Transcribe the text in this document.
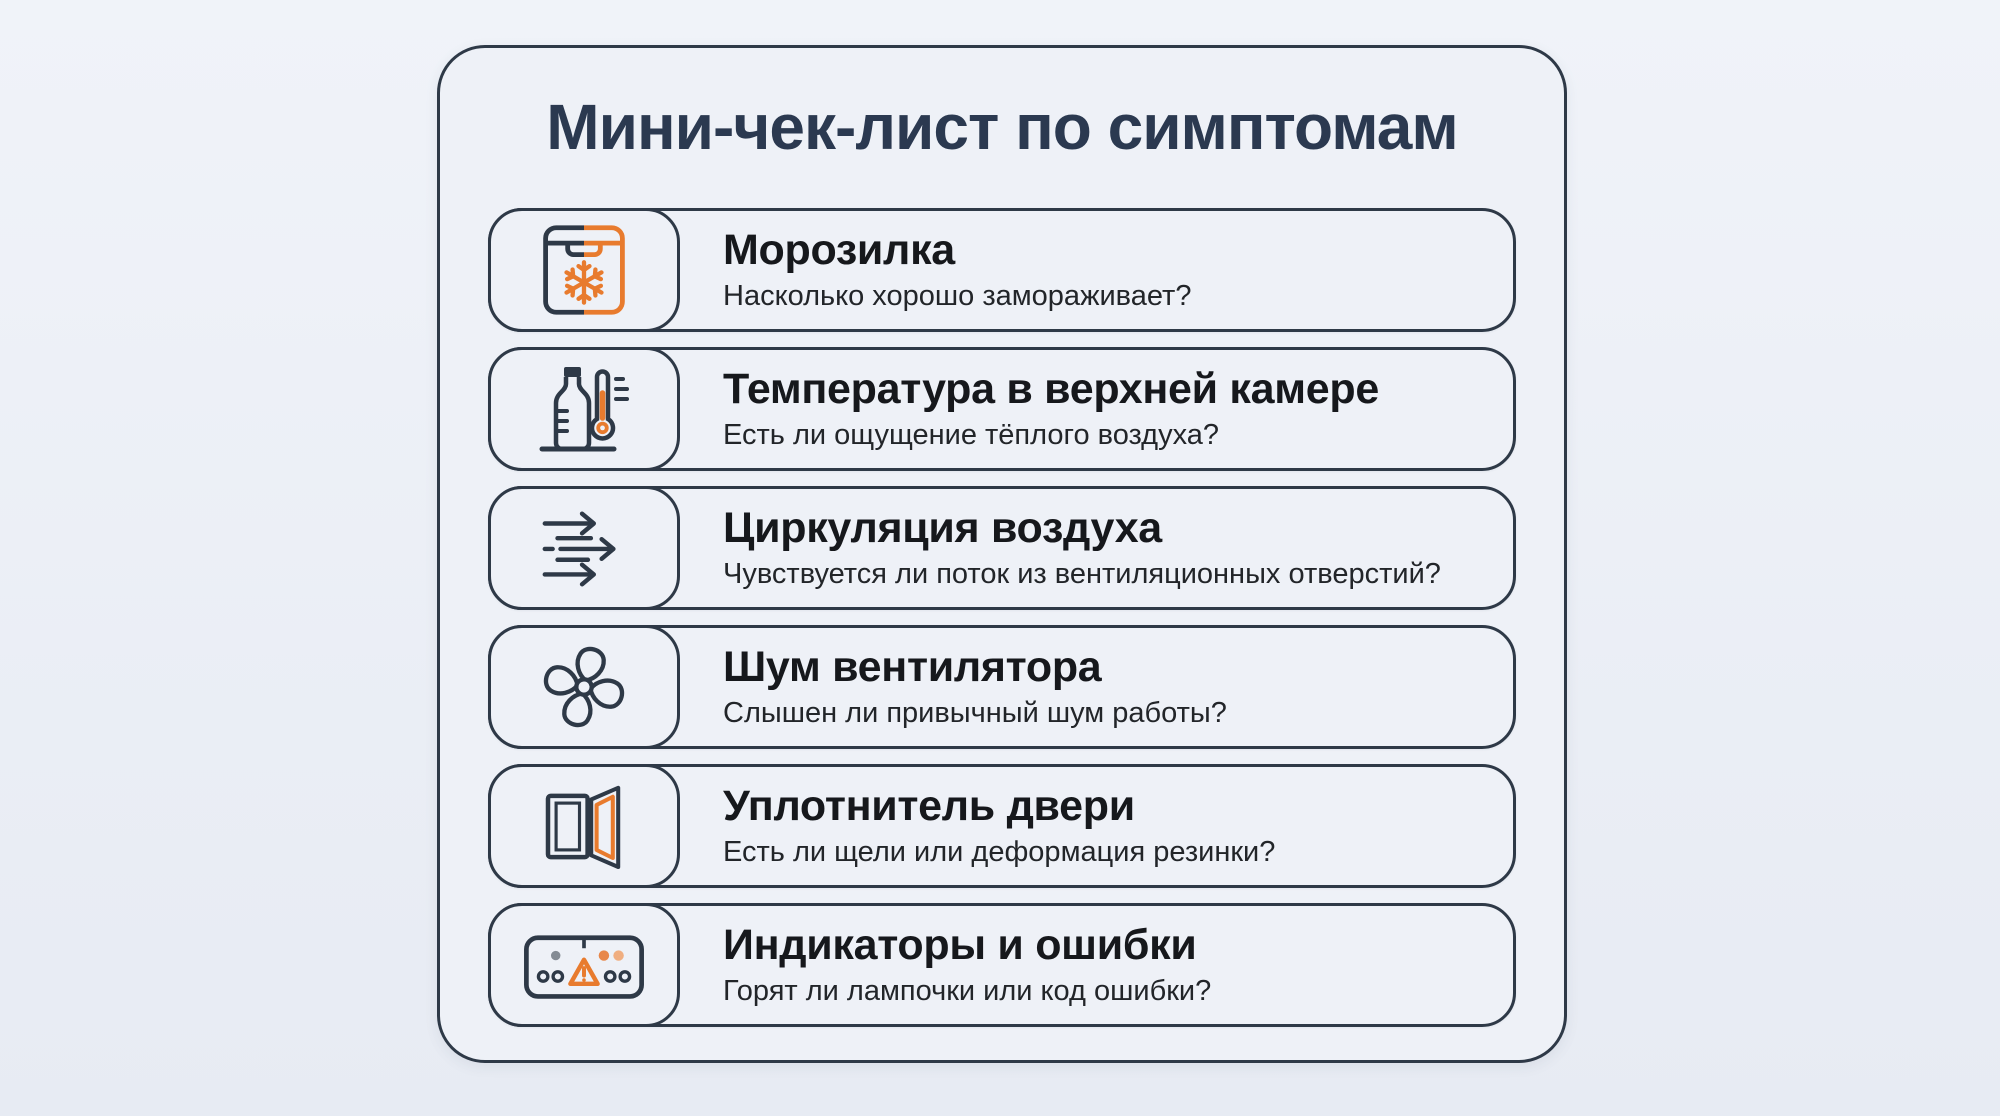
Мини-чек-лист по симптомам
Морозилка
Насколько хорошо замораживает?
Температура в верхней камере
Есть ли ощущение тёплого воздуха?
Циркуляция воздуха
Чувствуется ли поток из вентиляционных отверстий?
Шум вентилятора
Слышен ли привычный шум работы?
Уплотнитель двери
Есть ли щели или деформация резинки?
Индикаторы и ошибки
Горят ли лампочки или код ошибки?
